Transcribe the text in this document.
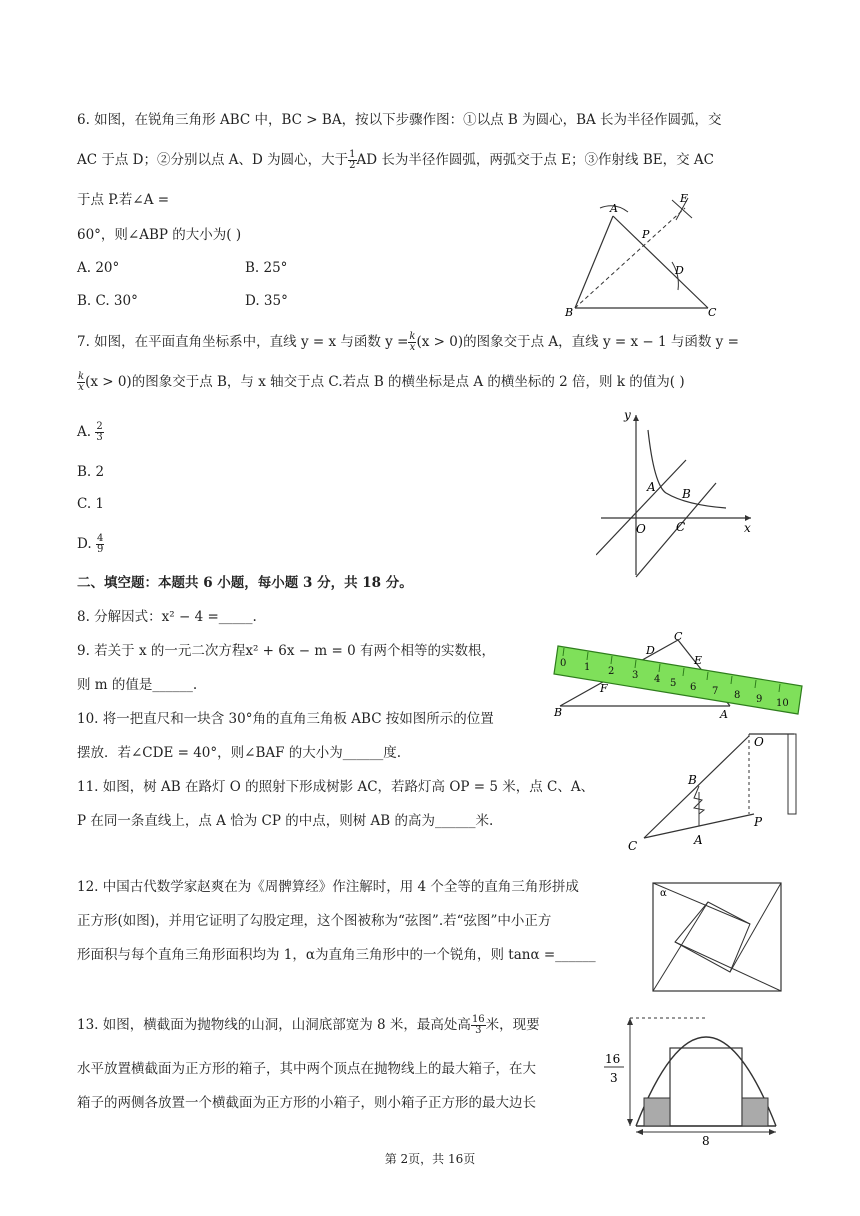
6. 如图，在锐角三角形 ABC 中，BC > BA，按以下步骤作图：①以点 B 为圆心，BA 长为半径作圆弧，交
AC 于点 D；②分别以点 A、D 为圆心，大于 $\frac{1}{2}$ AD 长为半径作圆弧，两弧交于点 E；③作射线 BE，交 AC
于点 P.若∠A =
60°，则∠ABP 的大小为( )
A. 20°	B. 25°
B. C. 30°	D. 35°
A
B	C
D
E
P
7. 如图，在平面直角坐标系中，直线 y = x 与函数 $y = \frac{k}{x} (x > 0)$的图象交于点 A，直线 y = x − 1 与函数 y =
$\frac{k}{x} (x > 0)$的图象交于点 B，与 x 轴交于点 C.若点 B 的横坐标是点 A 的横坐标的 2 倍，则 k 的值为( )
A. $\frac{2}{3}$
B. 2
C. 1
D. $\frac{4}{9}$
y
x
O
A B
C
二、填空题：本题共 6 小题，每小题 3 分，共 18 分。
8. 分解因式：x² − 4 =_____.
9. 若关于 x 的一元二次方程x² + 6x − m = 0 有两个相等的实数根，
则 m 的值是______.
0 1 2 3 4 5 6 7 8 9 10
C
D
E
F
B	A
10. 将一把直尺和一块含 30°角的直角三角板 ABC 按如图所示的位置
摆放．若∠CDE = 40°，则∠BAF 的大小为______度.
11. 如图，树 AB 在路灯 O 的照射下形成树影 AC，若路灯高 OP = 5 米，点 C、A、
P 在同一条直线上，点 A 恰为 CP 的中点，则树 AB 的高为______米.
O
B
P
C	A
12. 中国古代数学家赵爽在为《周髀算经》作注解时，用 4 个全等的直角三角形拼成
正方形(如图)，并用它证明了勾股定理，这个图被称为“弦图”.若“弦图”中小正方
形面积与每个直角三角形面积均为 1，α为直角三角形中的一个锐角，则 tanα =______
α
13. 如图，横截面为抛物线的山洞，山洞底部宽为 8 米，最高处高 $\frac{16}{3}$ 米，现要
水平放置横截面为正方形的箱子，其中两个顶点在抛物线上的最大箱子，在大
箱子的两侧各放置一个横截面为正方形的小箱子，则小箱子正方形的最大边长
16
3
8
第 2页，共 16页
